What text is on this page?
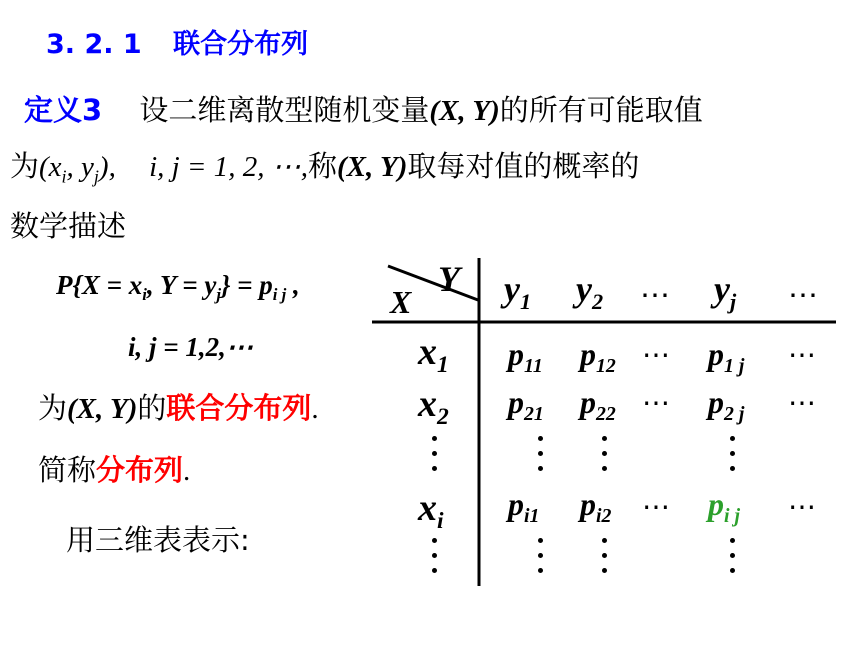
3. 2. 1 联合分布列
定义3 设二维离散型随机变量(X, Y)的所有可能取值
为($x_i$, $y_j$), i, j = 1, 2, ⋯,称(X, Y)取每对值的概率的
数学描述
$P\{X = x_i$, $Y = y_j\} = p_{i j}$ ,
i, j = 1,2,⋯
为(X, Y)的联合分布列.
简称分布列.
用三维表表示:
Y
X	$y_1$ $y_2$ ⋯ $y_j$ ⋯
$x_1$
$x_2$
$x_i$
$p_{11}$ $p_{12}$ ⋯ $p_{1 j}$ ⋯
$p_{21}$ $p_{22}$ ⋯ $p_{2 j}$ ⋯
$p_{i1}$ $p_{i2}$ ⋯ $p_{i j}$ ⋯
